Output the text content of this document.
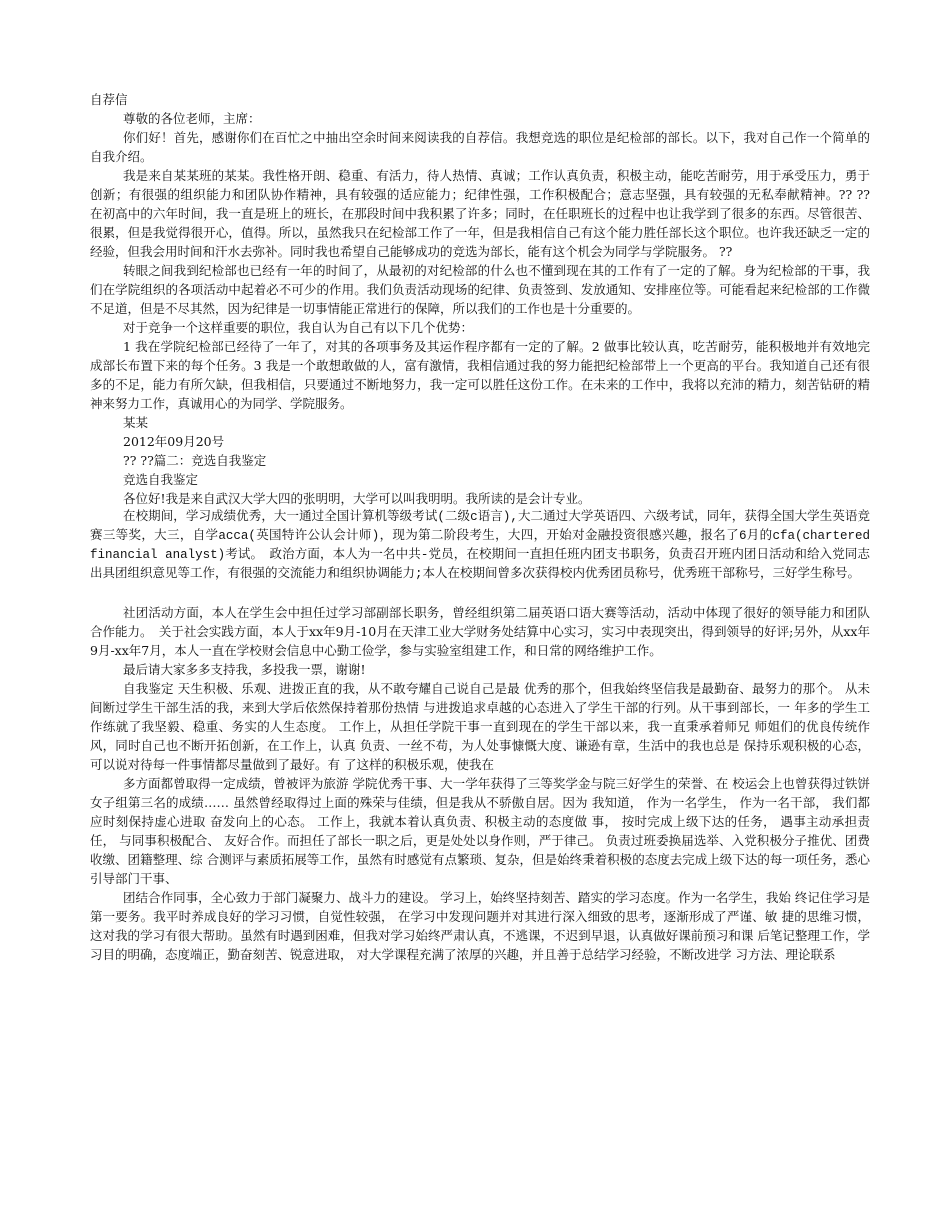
自荐信

尊敬的各位老师，主席：

你们好！首先，感谢你们在百忙之中抽出空余时间来阅读我的自荐信。我想竞选的职位是纪检部的部长。以下，我对自己作一个简单的自我介绍。

我是来自某某班的某某。我性格开朗、稳重、有活力，待人热情、真诚；工作认真负责，积极主动，能吃苦耐劳，用于承受压力，勇于创新；有很强的组织能力和团队协作精神，具有较强的适应能力；纪律性强，工作积极配合；意志坚强，具有较强的无私奉献精神。?? ??　　在初高中的六年时间，我一直是班上的班长，在那段时间中我积累了许多；同时，在任职班长的过程中也让我学到了很多的东西。尽管很苦、很累，但是我觉得很开心，值得。所以，虽然我只在纪检部工作了一年，但是我相信自己有这个能力胜任部长这个职位。也许我还缺乏一定的经验，但我会用时间和汗水去弥补。同时我也希望自己能够成功的竞选为部长，能有这个机会为同学与学院服务。 ??

转眼之间我到纪检部也已经有一年的时间了，从最初的对纪检部的什么也不懂到现在其的工作有了一定的了解。身为纪检部的干事，我们在学院组织的各项活动中起着必不可少的作用。我们负责活动现场的纪律、负责签到、发放通知、安排座位等。可能看起来纪检部的工作微不足道，但是不尽其然，因为纪律是一切事情能正常进行的保障，所以我们的工作也是十分重要的。

对于竞争一个这样重要的职位，我自认为自己有以下几个优势：

1 我在学院纪检部已经待了一年了，对其的各项事务及其运作程序都有一定的了解。2 做事比较认真，吃苦耐劳，能积极地并有效地完成部长布置下来的每个任务。3 我是一个敢想敢做的人，富有激情，我相信通过我的努力能把纪检部带上一个更高的平台。我知道自己还有很多的不足，能力有所欠缺，但我相信，只要通过不断地努力，我一定可以胜任这份工作。在未来的工作中，我将以充沛的精力，刻苦钻研的精神来努力工作，真诚用心的为同学、学院服务。

某某

2012年09月20号

?? ??篇二：竞选自我鉴定

竞选自我鉴定

各位好!我是来自武汉大学大四的张明明，大学可以叫我明明。我所读的是会计专业。

在校期间，学习成绩优秀，大一通过全国计算机等级考试(二级c语言),大二通过大学英语四、六级考试，同年，获得全国大学生英语竞赛三等奖，大三，自学acca(英国特许公认会计师)，现为第二阶段考生，大四，开始对金融投资很感兴趣，报名了6月的cfa(chartered financial analyst)考试。　政治方面，本人为一名中共-党员，在校期间一直担任班内团支书职务，负责召开班内团日活动和给入党同志出具团组织意见等工作，有很强的交流能力和组织协调能力;本人在校期间曾多次获得校内优秀团员称号，优秀班干部称号，三好学生称号。

社团活动方面，本人在学生会中担任过学习部副部长职务，曾经组织第二届英语口语大赛等活动，活动中体现了很好的领导能力和团队合作能力。　关于社会实践方面，本人于xx年9月-10月在天津工业大学财务处结算中心实习，实习中表现突出，得到领导的好评;另外，从xx年9月-xx年7月，本人一直在学校财会信息中心勤工俭学，参与实验室组建工作，和日常的网络维护工作。

最后请大家多多支持我，多投我一票，谢谢!

自我鉴定 天生积极、乐观、进拨正直的我，从不敢夸耀自己说自己是最 优秀的那个，但我始终坚信我是最勤奋、最努力的那个。 从未间断过学生干部生活的我，来到大学后依然保持着那份热情 与进拨追求卓越的心态进入了学生干部的行列。从干事到部长，一 年多的学生工作练就了我坚毅、稳重、务实的人生态度。 工作上，从担任学院干事一直到现在的学生干部以来，我一直秉承着师兄 师姐们的优良传统作风，同时自己也不断开拓创新，在工作上，认真 负责、一丝不苟，为人处事慷慨大度、谦逊有章，生活中的我也总是 保持乐观积极的心态，可以说对待每一件事情都尽量做到了最好。有 了这样的积极乐观，使我在

多方面都曾取得一定成绩，曾被评为旅游 学院优秀干事、大一学年获得了三等奖学金与院三好学生的荣誉、在 校运会上也曾获得过铁饼女子组第三名的成绩…… 虽然曾经取得过上面的殊荣与佳绩，但是我从不骄傲自居。因为 我知道， 作为一名学生， 作为一名干部， 我们都应时刻保持虚心进取 奋发向上的心态。 工作上，我就本着认真负责、积极主动的态度做 事， 按时完成上级下达的任务， 遇事主动承担责任， 与同事积极配合、 友好合作。而担任了部长一职之后，更是处处以身作则，严于律己。 负责过班委换届选举、入党积极分子推优、团费收缴、团籍整理、综 合测评与素质拓展等工作，虽然有时感觉有点繁琐、复杂，但是始终秉着积极的态度去完成上级下达的每一项任务，悉心引导部门干事、

团结合作同事，全心致力于部门凝聚力、战斗力的建设。 学习上，始终坚持刻苦、踏实的学习态度。作为一名学生，我始 终记住学习是第一要务。我平时养成良好的学习习惯，自觉性较强， 在学习中发现问题并对其进行深入细致的思考，逐渐形成了严谨、敏 捷的思维习惯，这对我的学习有很大帮助。虽然有时遇到困难，但我对学习始终严肃认真，不逃课，不迟到早退，认真做好课前预习和课 后笔记整理工作，学习目的明确，态度端正，勤奋刻苦、锐意进取， 对大学课程充满了浓厚的兴趣，并且善于总结学习经验，不断改进学 习方法、理论联系
